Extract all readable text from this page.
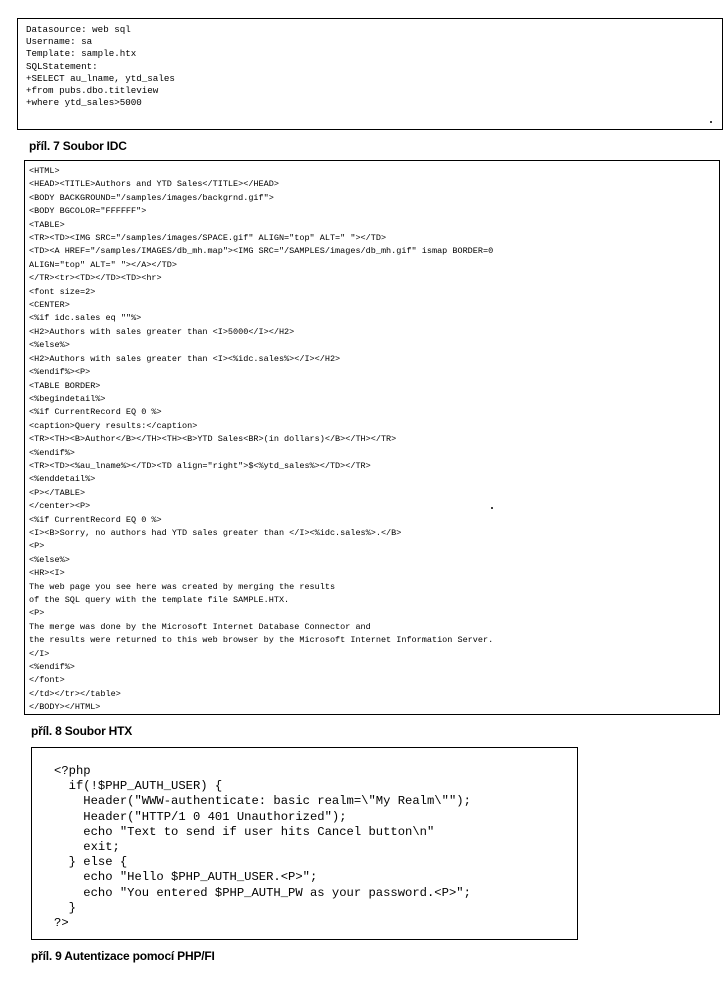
Datasource: web sql
Username: sa
Template: sample.htx
SQLStatement:
+SELECT au_lname, ytd_sales
+from pubs.dbo.titleview
+where ytd_sales>5000

příl. 7 Soubor IDC

<HTML>
<HEAD><TITLE>Authors and YTD Sales</TITLE></HEAD>
<BODY BACKGROUND="/samples/images/backgrnd.gif">
<BODY BGCOLOR="FFFFFF">
<TABLE>
<TR><TD><IMG SRC="/samples/images/SPACE.gif" ALIGN="top" ALT=" "></TD>
<TD><A HREF="/samples/IMAGES/db_mh.map"><IMG SRC="/SAMPLES/images/db_mh.gif" ismap BORDER=0
ALIGN="top" ALT=" "></A></TD>
</TR><tr><TD></TD><TD><hr>
<font size=2>
<CENTER>
<%if idc.sales eq ""%>
<H2>Authors with sales greater than <I>5000</I></H2>
<%else%>
<H2>Authors with sales greater than <I><%idc.sales%></I></H2>
<%endif%><P>
<TABLE BORDER>
<%begindetail%>
<%if CurrentRecord EQ 0 %>
<caption>Query results:</caption>
<TR><TH><B>Author</B></TH><TH><B>YTD Sales<BR>(in dollars)</B></TH></TR>
<%endif%>
<TR><TD><%au_lname%></TD><TD align="right">$<%ytd_sales%></TD></TR>
<%enddetail%>
<P></TABLE>
</center><P>
<%if CurrentRecord EQ 0 %>
<I><B>Sorry, no authors had YTD sales greater than </I><%idc.sales%>.</B>
<P>
<%else%>
<HR><I>
The web page you see here was created by merging the results
of the SQL query with the template file SAMPLE.HTX.
<P>
The merge was done by the Microsoft Internet Database Connector and
the results were returned to this web browser by the Microsoft Internet Information Server.
</I>
<%endif%>
</font>
</td></tr></table>
</BODY></HTML>

příl. 8 Soubor HTX

<?php
if(!$PHP_AUTH_USER) {
Header("WWW-authenticate: basic realm=\"My Realm\"");
Header("HTTP/1 0 401 Unauthorized");
echo "Text to send if user hits Cancel button\n"
exit;
} else {
echo "Hello $PHP_AUTH_USER.<P>";
echo "You entered $PHP_AUTH_PW as your password.<P>";
}
?>

příl. 9 Autentizace pomocí PHP/FI
